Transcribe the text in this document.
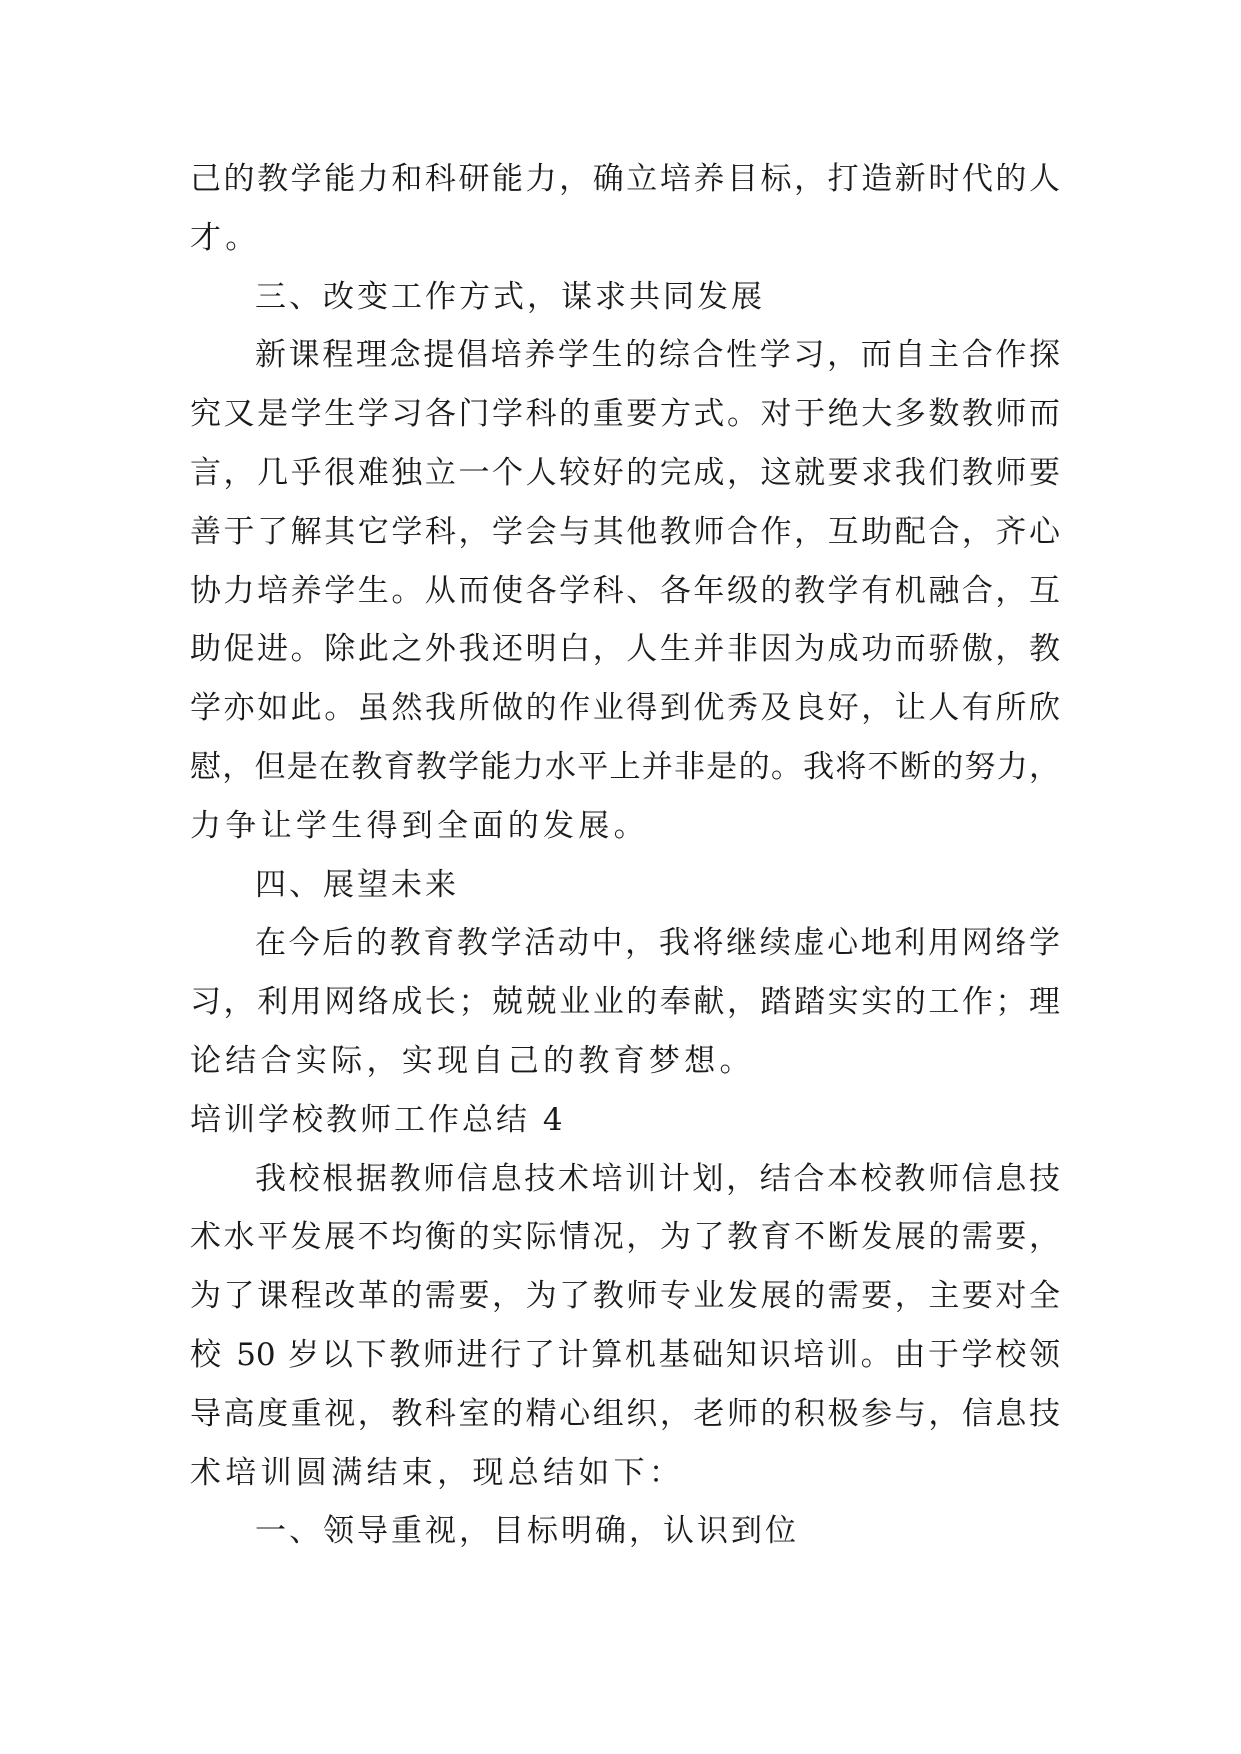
己的教学能力和科研能力，确立培养目标，打造新时代的人
才。
三、改变工作方式，谋求共同发展
新课程理念提倡培养学生的综合性学习，而自主合作探
究又是学生学习各门学科的重要方式。对于绝大多数教师而
言，几乎很难独立一个人较好的完成，这就要求我们教师要
善于了解其它学科，学会与其他教师合作，互助配合，齐心
协力培养学生。从而使各学科、各年级的教学有机融合，互
助促进。除此之外我还明白，人生并非因为成功而骄傲，教
学亦如此。虽然我所做的作业得到优秀及良好，让人有所欣
慰，但是在教育教学能力水平上并非是的。我将不断的努力，
力争让学生得到全面的发展。
四、展望未来
在今后的教育教学活动中，我将继续虚心地利用网络学
习，利用网络成长；兢兢业业的奉献，踏踏实实的工作；理
论结合实际，实现自己的教育梦想。
培训学校教师工作总结 4
我校根据教师信息技术培训计划，结合本校教师信息技
术水平发展不均衡的实际情况，为了教育不断发展的需要，
为了课程改革的需要，为了教师专业发展的需要，主要对全
校 50 岁以下教师进行了计算机基础知识培训。由于学校领
导高度重视，教科室的精心组织，老师的积极参与，信息技
术培训圆满结束，现总结如下：
一、领导重视，目标明确，认识到位
